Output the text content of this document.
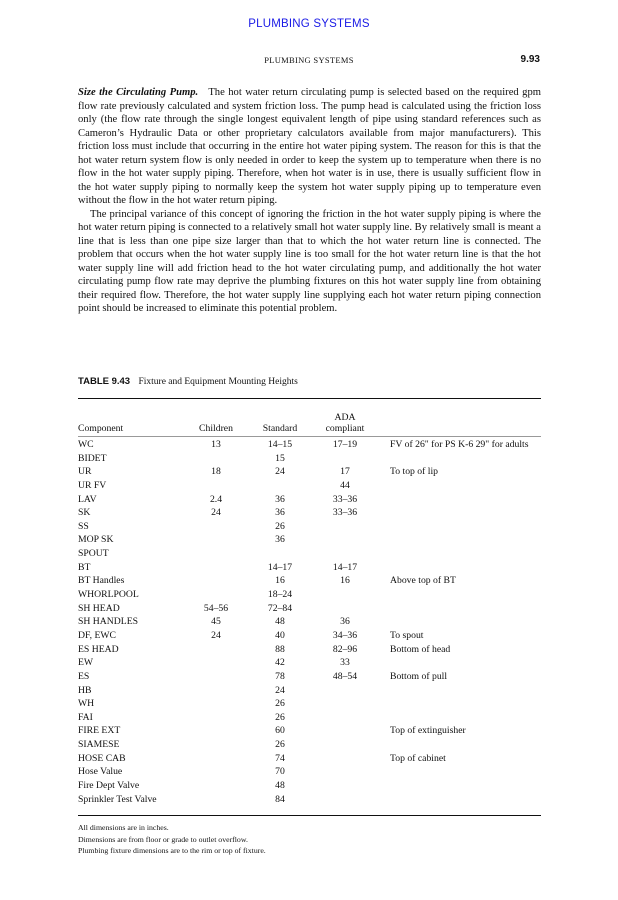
PLUMBING SYSTEMS
PLUMBING SYSTEMS	9.93

Size the Circulating Pump. The hot water return circulating pump is selected based on the required gpm flow rate previously calculated and system friction loss. The pump head is calculated using the friction loss only (the flow rate through the single longest equivalent length of pipe using standard references such as Cameron’s Hydraulic Data or other proprietary calculators available from major manufacturers). This friction loss must include that occurring in the entire hot water piping system. The reason for this is that the hot water return system flow is only needed in order to keep the system up to temperature when there is no flow in the hot water supply piping. Therefore, when hot water is in use, there is usually sufficient flow in the hot water supply piping to normally keep the system hot water supply piping up to temperature even without the flow in the hot water return piping.

The principal variance of this concept of ignoring the friction in the hot water supply piping is where the hot water return piping is connected to a relatively small hot water supply line. By relatively small is meant a line that is less than one pipe size larger than that to which the hot water return line is connected. The problem that occurs when the hot water supply line is too small for the hot water return line is that the hot water supply line will add friction head to the hot water circulating pump, and additionally the hot water circulating pump flow rate may deprive the plumbing fixtures on this hot water supply line from obtaining their required flow. Therefore, the hot water supply line supplying each hot water return piping connection point should be increased to eliminate this potential problem.

TABLE 9.43 Fixture and Equipment Mounting Heights
Component	Children	Standard	ADA
compliant	
WC	13	14–15	17–19	FV of 26" for PS K-6 29" for adults
BIDET		15		
UR	18	24	17	To top of lip
UR FV			44	
LAV	2.4	36	33–36	
SK	24	36	33–36	
SS		26		
MOP SK		36		
SPOUT				
BT		14–17	14–17	
BT Handles		16	16	Above top of BT
WHORLPOOL		18–24		
SH HEAD	54–56	72–84		
SH HANDLES	45	48	36	
DF, EWC	24	40	34–36	To spout
ES HEAD		88	82–96	Bottom of head
EW		42	33	
ES		78	48–54	Bottom of pull
HB		24		
WH		26		
FAI		26		
FIRE EXT		60		Top of extinguisher
SIAMESE		26		
HOSE CAB		74		Top of cabinet
Hose Value		70		
Fire Dept Valve		48		
Sprinkler Test Valve		84		
All dimensions are in inches.
Dimensions are from floor or grade to outlet overflow.
Plumbing fixture dimensions are to the rim or top of fixture.
